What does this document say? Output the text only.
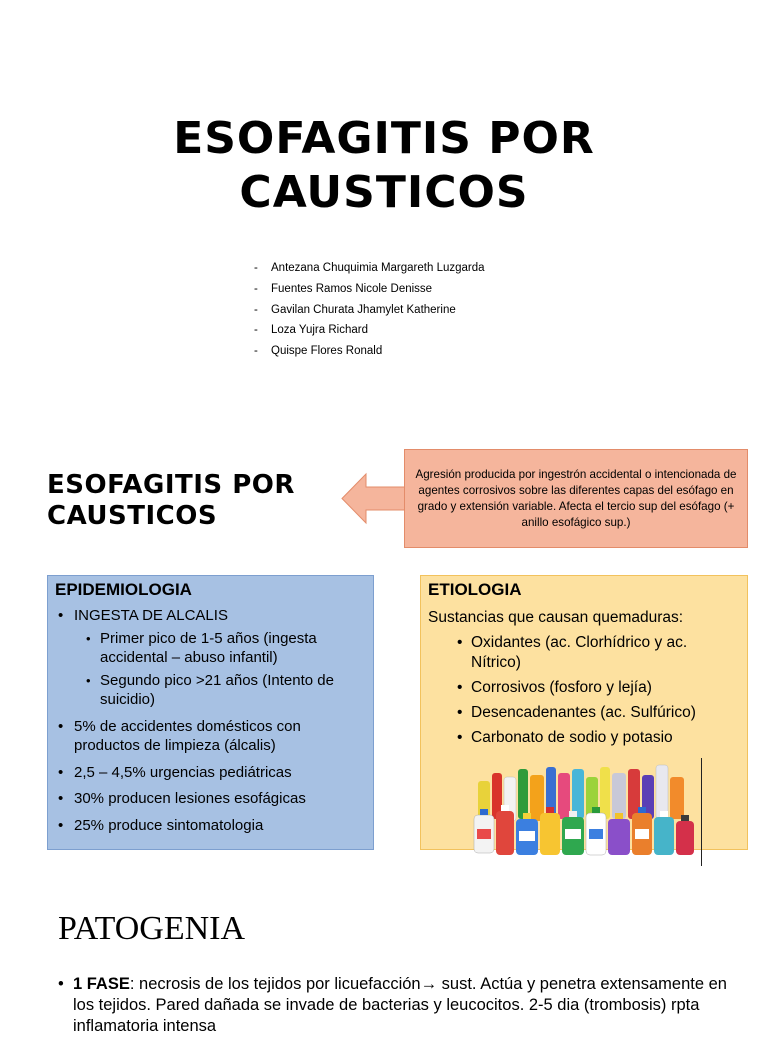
ESOFAGITIS POR CAUSTICOS
-	Antezana Chuquimia Margareth Luzgarda
-	Fuentes Ramos Nicole Denisse
-	Gavilan Churata Jhamylet Katherine
-	Loza Yujra Richard
-	Quispe Flores Ronald
ESOFAGITIS POR CAUSTICOS
Agresión producida por ingestrón accidental o intencionada de agentes corrosivos sobre las diferentes capas del esófago en grado y extensión variable. Afecta el tercio sup del esófago (+ anillo esofágico sup.)
EPIDEMIOLOGIA
• INGESTA DE ALCALIS
• Primer pico de 1-5 años (ingesta accidental – abuso infantil)
• Segundo pico >21 años (Intento de suicidio)
• 5% de accidentes domésticos con productos de limpieza (álcalis)
• 2,5 – 4,5% urgencias pediátricas
• 30% producen lesiones esofágicas
• 25% produce sintomatologia
ETIOLOGIA
Sustancias que causan quemaduras:
• Oxidantes (ac. Clorhídrico y ac. Nítrico)
• Corrosivos (fosforo y lejía)
• Desencadenantes (ac. Sulfúrico)
• Carbonato de sodio y potasio
PATOGENIA
• 1 FASE: necrosis de los tejidos por licuefacción→ sust. Actúa y penetra extensamente en los tejidos. Pared dañada se invade de bacterias y leucocitos. 2-5 dia (trombosis) rpta inflamatoria intensa
